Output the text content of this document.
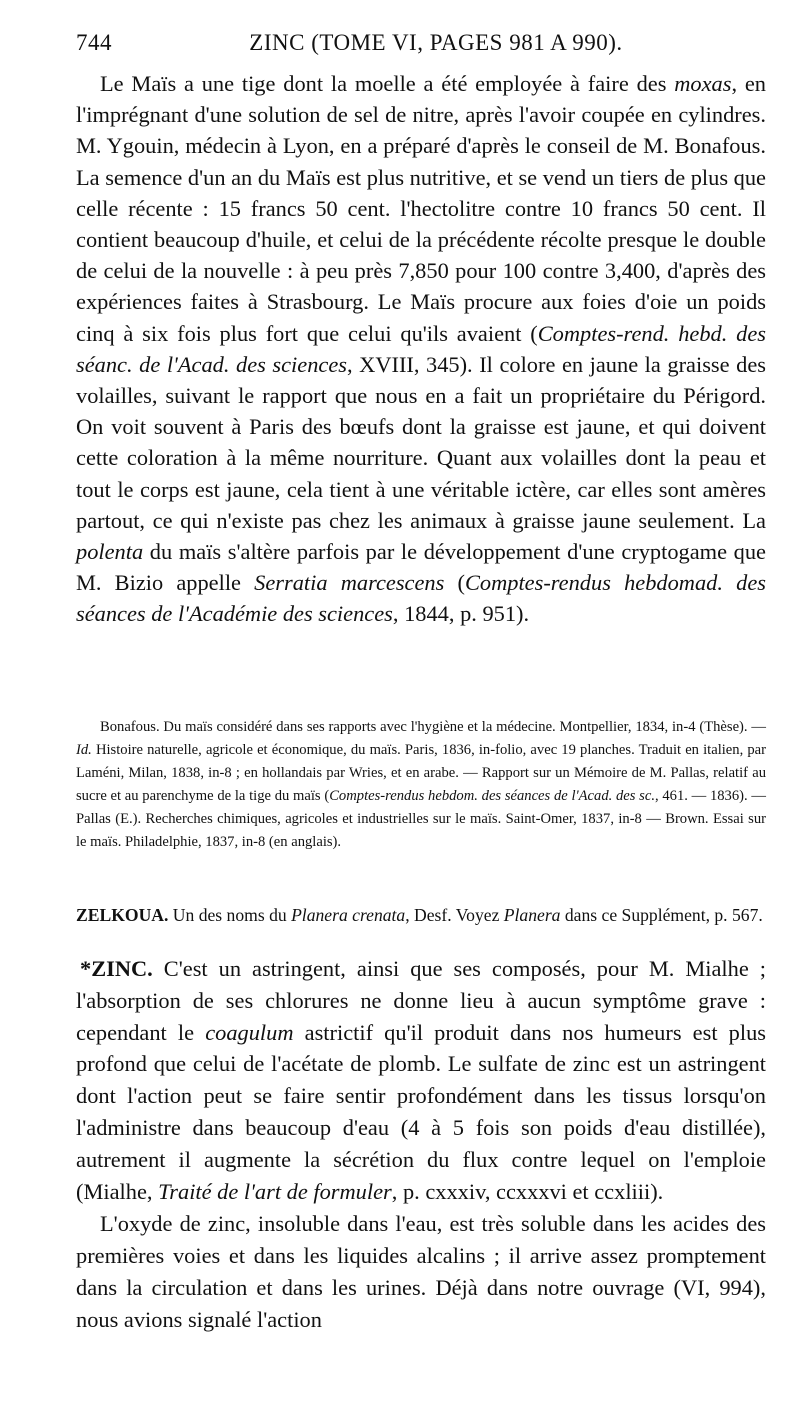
744	ZINC (TOME VI, PAGES 981 A 990).

Le Maïs a une tige dont la moelle a été employée à faire des moxas, en l'imprégnant d'une solution de sel de nitre, après l'avoir coupée en cylindres. M. Ygouin, médecin à Lyon, en a préparé d'après le conseil de M. Bonafous. La semence d'un an du Maïs est plus nutritive, et se vend un tiers de plus que celle récente : 15 francs 50 cent. l'hectolitre contre 10 francs 50 cent. Il contient beaucoup d'huile, et celui de la précédente récolte presque le double de celui de la nouvelle : à peu près 7,850 pour 100 contre 3,400, d'après des expériences faites à Strasbourg. Le Maïs procure aux foies d'oie un poids cinq à six fois plus fort que celui qu'ils avaient (Comptes-rend. hebd. des séanc. de l'Acad. des sciences, XVIII, 345). Il colore en jaune la graisse des volailles, suivant le rapport que nous en a fait un propriétaire du Périgord. On voit souvent à Paris des bœufs dont la graisse est jaune, et qui doivent cette coloration à la même nourriture. Quant aux volailles dont la peau et tout le corps est jaune, cela tient à une véritable ictère, car elles sont amères partout, ce qui n'existe pas chez les animaux à graisse jaune seulement. La polenta du maïs s'altère parfois par le développement d'une cryptogame que M. Bizio appelle Serratia marcescens (Comptes-rendus hebdomad. des séances de l'Académie des sciences, 1844, p. 951).

Bonafous. Du maïs considéré dans ses rapports avec l'hygiène et la médecine. Montpellier, 1834, in-4 (Thèse). — Id. Histoire naturelle, agricole et économique, du maïs. Paris, 1836, in-folio, avec 19 planches. Traduit en italien, par Laméni, Milan, 1838, in-8 ; en hollandais par Wries, et en arabe. — Rapport sur un Mémoire de M. Pallas, relatif au sucre et au parenchyme de la tige du maïs (Comptes-rendus hebdom. des séances de l'Acad. des sc., 461. — 1836). — Pallas (E.). Recherches chimiques, agricoles et industrielles sur le maïs. Saint-Omer, 1837, in-8 — Brown. Essai sur le maïs. Philadelphie, 1837, in-8 (en anglais).

ZELKOUA. Un des noms du Planera crenata, Desf. Voyez Planera dans ce Supplément, p. 567.

*ZINC. C'est un astringent, ainsi que ses composés, pour M. Mialhe ; l'absorption de ses chlorures ne donne lieu à aucun symptôme grave : cependant le coagulum astrictif qu'il produit dans nos humeurs est plus profond que celui de l'acétate de plomb. Le sulfate de zinc est un astringent dont l'action peut se faire sentir profondément dans les tissus lorsqu'on l'administre dans beaucoup d'eau (4 à 5 fois son poids d'eau distillée), autrement il augmente la sécrétion du flux contre lequel on l'emploie (Mialhe, Traité de l'art de formuler, p. cxxxiv, ccxxxvi et ccxliii).

L'oxyde de zinc, insoluble dans l'eau, est très soluble dans les acides des premières voies et dans les liquides alcalins ; il arrive assez promptement dans la circulation et dans les urines. Déjà dans notre ouvrage (VI, 994), nous avions signalé l'action
